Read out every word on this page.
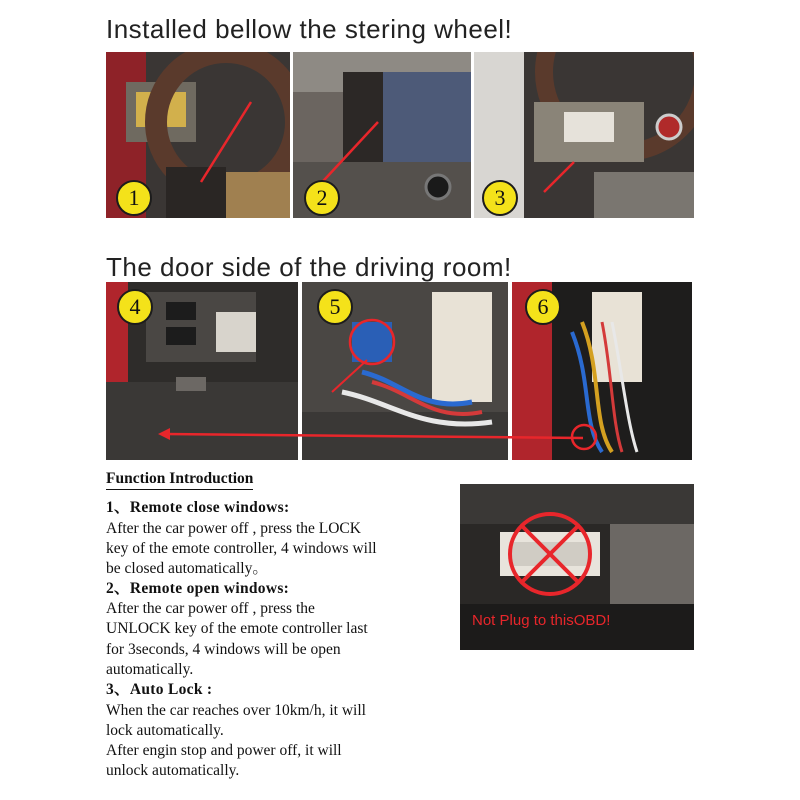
Installed bellow the stering wheel!
1	2	3
The door side of the driving room!
4	5	6
Function Introduction
1、Remote close windows:
After the car power off , press the LOCK
key of the emote controller, 4 windows will
be closed automatically。
2、Remote open windows:
After the car power off , press the
UNLOCK key of the emote controller last
for 3seconds, 4 windows will be open
automatically.
3、Auto Lock :
When the car reaches over 10km/h, it will
lock automatically.
After engin stop and power off, it will
unlock automatically.
Not Plug to thisOBD!
